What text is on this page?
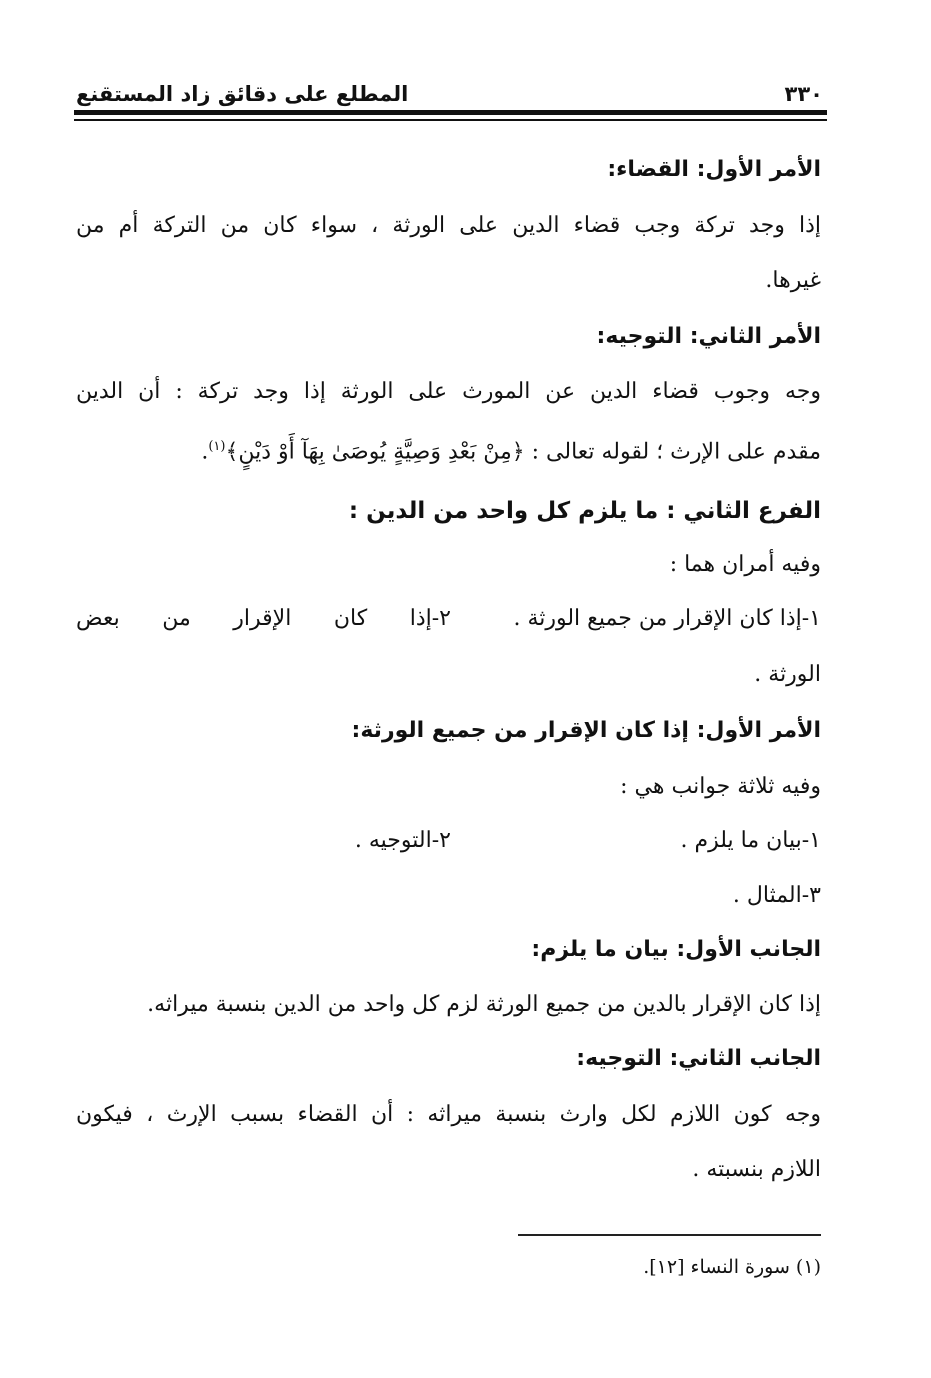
٣٣٠
المطلع على دقائق زاد المستقنع
الأمر الأول: القضاء:
إذا وجد تركة وجب قضاء الدين على الورثة ، سواء كان من التركة أم من
غيرها.
الأمر الثاني: التوجيه:
وجه وجوب قضاء الدين عن المورث على الورثة إذا وجد تركة : أن الدين
مقدم على الإرث ؛ لقوله تعالى : ﴿مِنْ بَعْدِ وَصِيَّةٍ يُوصَىٰ بِهَآ أَوْ دَيْنٍ﴾$^{(١)}$.
الفرع الثاني : ما يلزم كل واحد من الدين :
وفيه أمران هما :
١-إذا كان الإقرار من جميع الورثة .
٢-إذا كان الإقرار من بعض
الورثة .
الأمر الأول: إذا كان الإقرار من جميع الورثة:
وفيه ثلاثة جوانب هي :
١-بيان ما يلزم .
٢-التوجيه .
٣-المثال .
الجانب الأول: بيان ما يلزم:
إذا كان الإقرار بالدين من جميع الورثة لزم كل واحد من الدين بنسبة ميراثه.
الجانب الثاني: التوجيه:
وجه كون اللازم لكل وارث بنسبة ميراثه : أن القضاء بسبب الإرث ، فيكون
اللازم بنسبته .
(١) سورة النساء [١٢].
